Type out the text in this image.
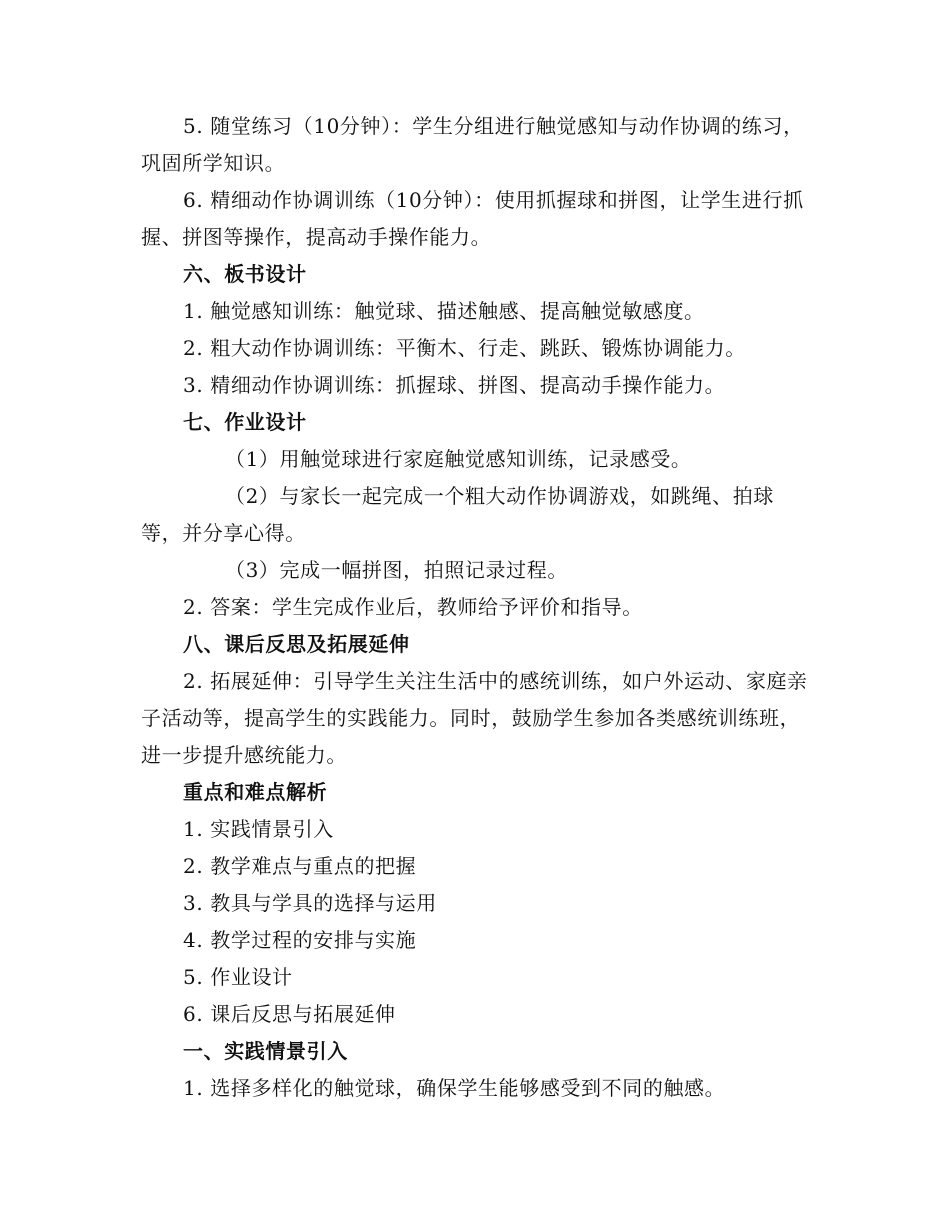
5. 随堂练习（10分钟）：学生分组进行触觉感知与动作协调的练习，巩固所学知识。

6. 精细动作协调训练（10分钟）：使用抓握球和拼图，让学生进行抓握、拼图等操作，提高动手操作能力。

六、板书设计

1. 触觉感知训练：触觉球、描述触感、提高触觉敏感度。

2. 粗大动作协调训练：平衡木、行走、跳跃、锻炼协调能力。

3. 精细动作协调训练：抓握球、拼图、提高动手操作能力。

七、作业设计

（1）用触觉球进行家庭触觉感知训练，记录感受。

（2）与家长一起完成一个粗大动作协调游戏，如跳绳、拍球等，并分享心得。

（3）完成一幅拼图，拍照记录过程。

2. 答案：学生完成作业后，教师给予评价和指导。

八、课后反思及拓展延伸

2. 拓展延伸：引导学生关注生活中的感统训练，如户外运动、家庭亲子活动等，提高学生的实践能力。同时，鼓励学生参加各类感统训练班，进一步提升感统能力。

重点和难点解析

1. 实践情景引入

2. 教学难点与重点的把握

3. 教具与学具的选择与运用

4. 教学过程的安排与实施

5. 作业设计

6. 课后反思与拓展延伸

一、实践情景引入

1. 选择多样化的触觉球，确保学生能够感受到不同的触感。
